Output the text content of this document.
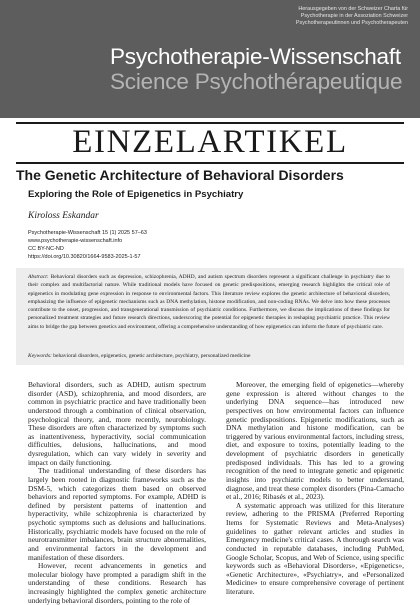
Herausgegeben von der Schweizer Charta für
Psychotherapie in der Assoziation Schweizer
Psychotherapeutinnen und Psychotherapeuten
Psychotherapie-Wissenschaft
Science Psychothérapeutique
EINZELARTIKEL
The Genetic Architecture of Behavioral Disorders
Exploring the Role of Epigenetics in Psychiatry
Kiroloss Eskandar
Psychotherapie-Wissenschaft 15 (1) 2025 57–63
www.psychotherapie-wissenschaft.info
CC BY-NC-ND
https://doi.org/10.30820/1664-9583-2025-1-57
Abstract: Behavioral disorders such as depression, schizophrenia, ADHD, and autism spectrum disorders represent a significant challenge in psychiatry due to their complex and multifactorial nature. While traditional models have focused on genetic predispositions, emerging research highlights the critical role of epigenetics in modulating gene expression in response to environmental factors. This literature review explores the genetic architecture of behavioral disorders, emphasizing the influence of epigenetic mechanisms such as DNA methylation, histone modification, and non-coding RNAs. We delve into how these processes contribute to the onset, progression, and transgenerational transmission of psychiatric conditions. Furthermore, we discuss the implications of these findings for personalized treatment strategies and future research directions, underscoring the potential for epigenetic therapies in reshaping psychiatric practice. This review aims to bridge the gap between genetics and environment, offering a comprehensive understanding of how epigenetics can inform the future of psychiatric care.
Keywords: behavioral disorders, epigenetics, genetic architecture, psychiatry, personalized medicine

Behavioral disorders, such as ADHD, autism spectrum disorder (ASD), schizophrenia, and mood disorders, are common in psychiatric practice and have traditionally been understood through a combination of clinical observation, psychological theory, and, more recently, neurobiology. These disorders are often characterized by symptoms such as inattentiveness, hyperactivity, social communication difficulties, delusions, hallucinations, and mood dysregulation, which can vary widely in severity and impact on daily functioning.

The traditional understanding of these disorders has largely been rooted in diagnostic frameworks such as the DSM-5, which categorizes them based on observed behaviors and reported symptoms. For example, ADHD is defined by persistent patterns of inattention and hyperactivity, while schizophrenia is characterized by psychotic symptoms such as delusions and hallucinations. Historically, psychiatric models have focused on the role of neurotransmitter imbalances, brain structure abnormalities, and environmental factors in the development and manifestation of these disorders.

However, recent advancements in genetics and molecular biology have prompted a paradigm shift in the understanding of these conditions. Research has increasingly highlighted the complex genetic architecture underlying behavioral disorders, pointing to the role of

Moreover, the emerging field of epigenetics—whereby gene expression is altered without changes to the underlying DNA sequence—has introduced new perspectives on how environmental factors can influence genetic predispositions. Epigenetic modifications, such as DNA methylation and histone modification, can be triggered by various environmental factors, including stress, diet, and exposure to toxins, potentially leading to the development of psychiatric disorders in genetically predisposed individuals. This has led to a growing recognition of the need to integrate genetic and epigenetic insights into psychiatric models to better understand, diagnose, and treat these complex disorders (Pina-Camacho et al., 2016; Ribasés et al., 2023).

A systematic approach was utilized for this literature review, adhering to the PRISMA (Preferred Reporting Items for Systematic Reviews and Meta-Analyses) guidelines to gather relevant articles and studies in Emergency medicine's critical cases. A thorough search was conducted in reputable databases, including PubMed, Google Scholar, Scopus, and Web of Science, using specific keywords such as «Behavioral Disorders», «Epigenetics», «Genetic Architecture», «Psychiatry», and «Personalized Medicine» to ensure comprehensive coverage of pertinent literature.
